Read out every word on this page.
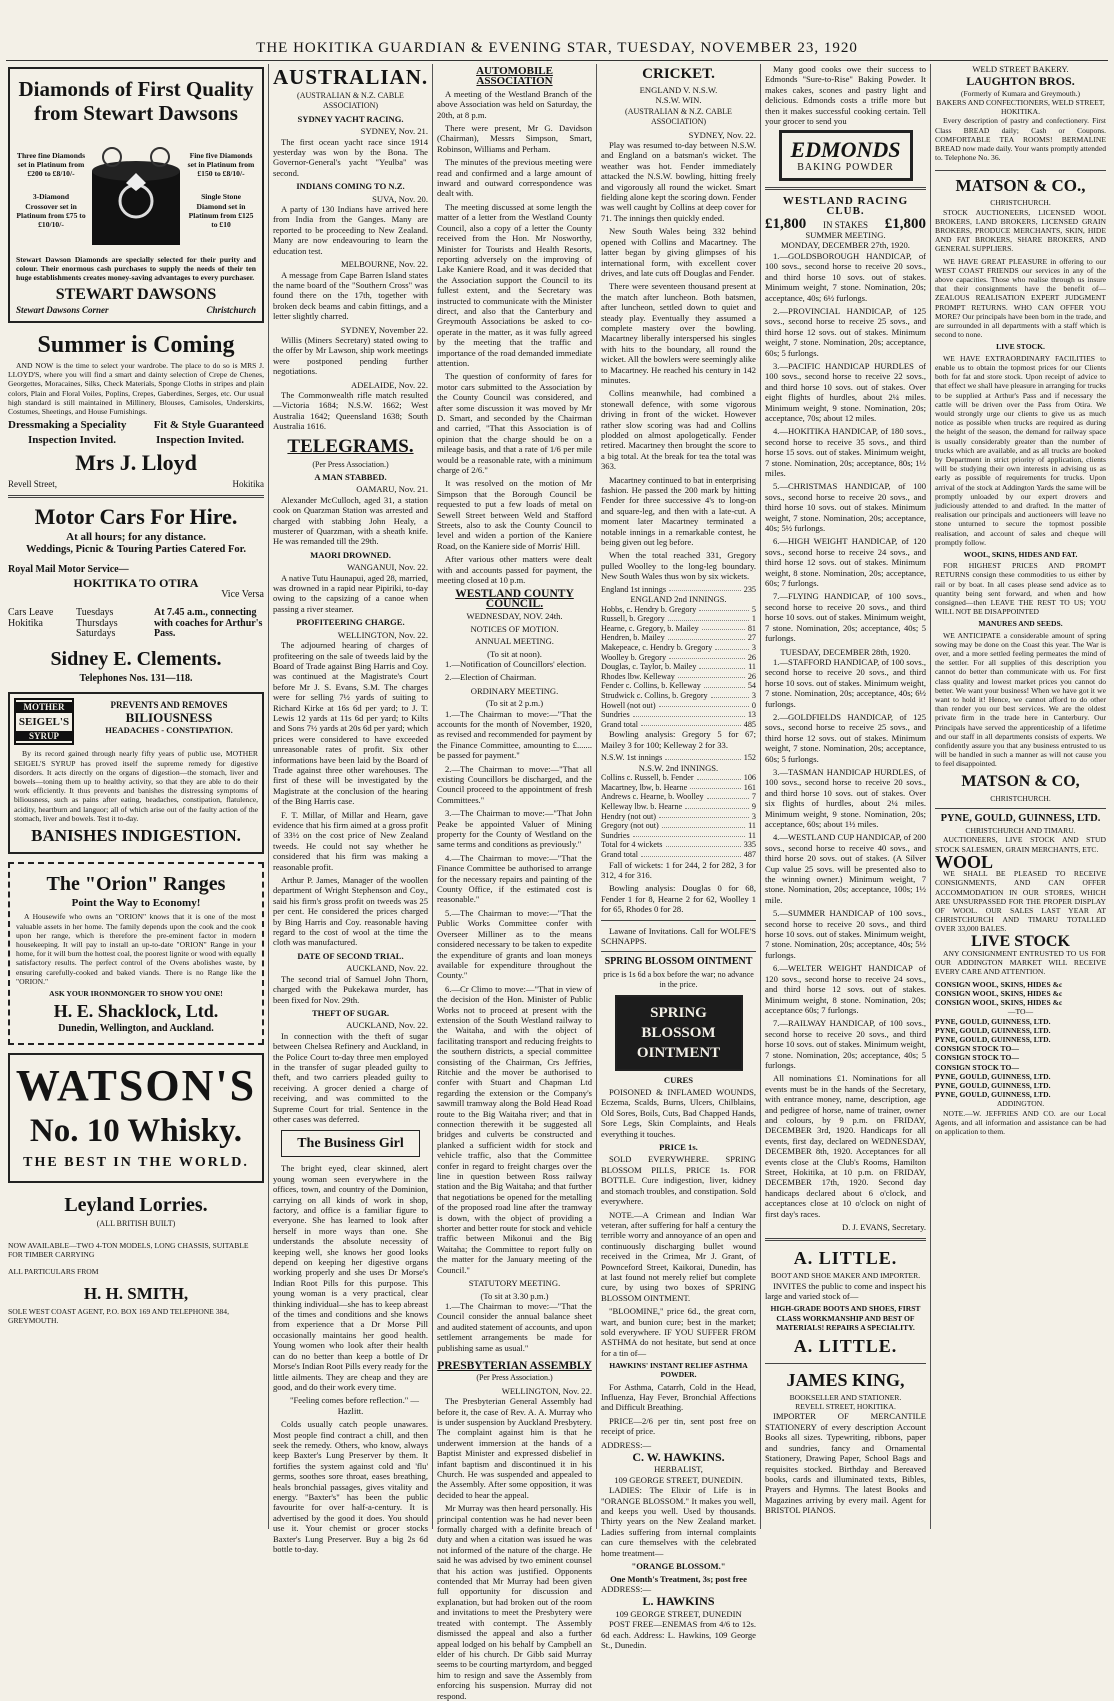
THE HOKITIKA GUARDIAN & EVENING STAR, TUESDAY, NOVEMBER 23, 1920
Diamonds of First Quality from Stewart Dawsons
Three fine Diamonds set in Platinum from £200 to £8/10/-
3-Diamond Crossover set in Platinum from £75 to £10/10/-
Fine five Diamonds set in Platinum from £150 to £8/10/-
Single Stone Diamond set in Platinum from £125 to £10
Stewart Dawson Diamonds are specially selected for their purity and colour. Their enormous cash purchases to supply the needs of their ten huge establishments creates money-saving advantages to every purchaser.
STEWART DAWSONS
Stewart Dawsons Corner	Christchurch
Summer is Coming

AND NOW is the time to select your wardrobe. The place to do so is MRS J. LLOYD'S, where you will find a smart and dainty selection of Crepe de Chenes, Georgettes, Moracaines, Silks, Check Materials, Sponge Cloths in stripes and plain colors, Plain and Floral Voiles, Poplins, Crepes, Gaberdines, Serges, etc. Our usual high standard is still maintained in Millinery, Blouses, Camisoles, Underskirts, Costumes, Sheetings, and House Furnishings.

Dressmaking a Speciality Fit & Style Guaranteed
Inspection Invited.	Inspection Invited.
Mrs J. Lloyd
Revell Street,	Hokitika
Motor Cars For Hire.
At all hours; for any distance.
Weddings, Picnic & Touring Parties Catered For.
Royal Mail Motor Service—
HOKITIKA TO OTIRA
Vice Versa
Cars Leave Hokitika
Tuesdays Thursdays Saturdays
At 7.45 a.m., connecting with coaches for Arthur's Pass.
Sidney E. Clements.
Telephones Nos. 131—118.
MOTHER
SEIGEL'S
SYRUP
PREVENTS AND REMOVES
BILIOUSNESS
HEADACHES - CONSTIPATION.

By its record gained through nearly fifty years of public use, MOTHER SEIGEL'S SYRUP has proved itself the supreme remedy for digestive disorders. It acts directly on the organs of digestion—the stomach, liver and bowels—toning them up to healthy activity, so that they are able to do their work efficiently. It thus prevents and banishes the distressing symptoms of biliousness, such as pains after eating, headaches, constipation, flatulence, acidity, heartburn and languor; all of which arise out of the faulty action of the stomach, liver and bowels. Test it to-day.

BANISHES INDIGESTION.
The "Orion" Ranges
Point the Way to Economy!

A Housewife who owns an "ORION" knows that it is one of the most valuable assets in her home. The family depends upon the cook and the cook upon her range, which is therefore the pre-eminent factor in modern housekeeping. It will pay to install an up-to-date "ORION" Range in your home, for it will burn the hottest coal, the poorest lignite or wood with equally satisfactory results. The perfect control of the Ovens abolishes waste, by ensuring carefully-cooked and baked viands. There is no Range like the "ORION."

ASK YOUR IRONMONGER TO SHOW YOU ONE!
H. E. Shacklock, Ltd.
Dunedin, Wellington, and Auckland.
WATSON'S
No. 10 Whisky.
THE BEST IN THE WORLD.
Leyland Lorries.
(ALL BRITISH BUILT)
NOW AVAILABLE—TWO 4-TON MODELS, LONG CHASSIS, SUITABLE FOR TIMBER CARRYING
ALL PARTICULARS FROM
H. H. SMITH,
SOLE WEST COAST AGENT, P.O. BOX 169 AND TELEPHONE 384, GREYMOUTH.
AUSTRALIAN.
(AUSTRALIAN & N.Z. CABLE ASSOCIATION)
SYDNEY YACHT RACING.
SYDNEY, Nov. 21.

The first ocean yacht race since 1914 yesterday was won by the Bona. The Governor-General's yacht "Yeulba" was second.

INDIANS COMING TO N.Z.
SUVA, Nov. 20.

A party of 130 Indians have arrived here from India from the Ganges. Many are reported to be proceeding to New Zealand. Many are now endeavouring to learn the education test.

MELBOURNE, Nov. 22.

A message from Cape Barren Island states the name board of the "Southern Cross" was found there on the 17th, together with broken deck beams and cabin fittings, and a letter slightly charred.

SYDNEY, November 22.

Willis (Miners Secretary) stated owing to the offer by Mr Lawson, ship work meetings were postponed pending further negotiations.

ADELAIDE, Nov. 22.

The Commonwealth rifle match resulted—Victoria 1684; N.S.W. 1662; West Australia 1642; Queensland 1638; South Australia 1616.

TELEGRAMS.
(Per Press Association.)
A MAN STABBED.
OAMARU, Nov. 21.

Alexander McCulloch, aged 31, a station cook on Quarzman Station was arrested and charged with stabbing John Healy, a musterer of Quarzman, with a sheath knife. He was remanded till the 29th.

MAORI DROWNED.
WANGANUI, Nov. 22.

A native Tutu Haunapui, aged 28, married, was drowned in a rapid near Pipiriki, to-day owing to the capsizing of a canoe when passing a river steamer.

PROFITEERING CHARGE.
WELLINGTON, Nov. 22.

The adjourned hearing of charges of profiteering on the sale of tweeds laid by the Board of Trade against Bing Harris and Coy. was continued at the Magistrate's Court before Mr J. S. Evans, S.M. The charges were for selling 7½ yards of suiting to Richard Kirke at 16s 6d per yard; to J. T. Lewis 12 yards at 11s 6d per yard; to Kilts and Sons 7½ yards at 20s 6d per yard; which prices were considered to have exceeded unreasonable rates of profit. Six other informations have been laid by the Board of Trade against three other warehouses. The first of these will be investigated by the Magistrate at the conclusion of the hearing of the Bing Harris case.

F. T. Millar, of Millar and Hearn, gave evidence that his firm aimed at a gross profit of 33½ on the cost price of New Zealand tweeds. He could not say whether he considered that his firm was making a reasonable profit.

Arthur P. James, Manager of the woollen department of Wright Stephenson and Coy., said his firm's gross profit on tweeds was 25 per cent. He considered the prices charged by Bing Harris and Coy. reasonable having regard to the cost of wool at the time the cloth was manufactured.

DATE OF SECOND TRIAL.
AUCKLAND, Nov. 22.

The second trial of Samuel John Thorn, charged with the Pukekawa murder, has been fixed for Nov. 29th.

THEFT OF SUGAR.
AUCKLAND, Nov. 22.

In connection with the theft of sugar between Chelsea Refinery and Auckland, in the Police Court to-day three men employed in the transfer of sugar pleaded guilty to theft, and two carriers pleaded guilty to receiving. A grocer denied a charge of receiving, and was committed to the Supreme Court for trial. Sentence in the other cases was deferred.

The Business Girl

The bright eyed, clear skinned, alert young woman seen everywhere in the offices, town, and country of the Dominion, carrying on all kinds of work in shop, factory, and office is a familiar figure to everyone. She has learned to look after herself in more ways than one. She understands the absolute necessity of keeping well, she knows her good looks depend on keeping her digestive organs working properly and she uses Dr Morse's Indian Root Pills for this purpose. This young woman is a very practical, clear thinking individual—she has to keep abreast of the times and conditions and she knows from experience that a Dr Morse Pill occasionally maintains her good health. Young women who look after their health can do no better than keep a bottle of Dr Morse's Indian Root Pills every ready for the little ailments. They are cheap and they are good, and do their work every time.

"Feeling comes before reflection." —Hazlitt.

Colds usually catch people unawares. Most people find contract a chill, and then seek the remedy. Others, who know, always keep Baxter's Lung Preserver by them. It fortifies the system against cold and 'flu' germs, soothes sore throat, eases breathing, heals bronchial passages, gives vitality and energy. "Baxter's" has been the public favourite for over half-a-century. It is advertised by the good it does. You should use it. Your chemist or grocer stocks Baxter's Lung Preserver. Buy a big 2s 6d bottle to-day.

AUTOMOBILE ASSOCIATION

A meeting of the Westland Branch of the above Association was held on Saturday, the 20th, at 8 p.m.

There were present, Mr G. Davidson (Chairman), Messrs Simpson, Smart, Robinson, Williams and Perham.

The minutes of the previous meeting were read and confirmed and a large amount of inward and outward correspondence was dealt with.

The meeting discussed at some length the matter of a letter from the Westland County Council, also a copy of a letter the County received from the Hon. Mr Nosworthy, Minister for Tourists and Health Resorts, reporting adversely on the improving of Lake Kaniere Road, and it was decided that the Association support the Council to its fullest extent, and the Secretary was instructed to communicate with the Minister direct, and also that the Canterbury and Greymouth Associations be asked to co-operate in the matter, as it was fully agreed by the meeting that the traffic and importance of the road demanded immediate attention.

The question of conformity of fares for motor cars submitted to the Association by the County Council was considered, and after some discussion it was moved by Mr D. Smart, and seconded by the Chairman and carried, "That this Association is of opinion that the charge should be on a mileage basis, and that a rate of 1/6 per mile would be a reasonable rate, with a minimum charge of 2/6."

It was resolved on the motion of Mr Simpson that the Borough Council be requested to put a few loads of metal on Sewell Street between Weld and Stafford Streets, also to ask the County Council to level and widen a portion of the Kaniere Road, on the Kaniere side of Morris' Hill.

After various other matters were dealt with and accounts passed for payment, the meeting closed at 10 p.m.

WESTLAND COUNTY COUNCIL.
WEDNESDAY, NOV. 24th.
NOTICES OF MOTION.
ANNUAL MEETING.
(To sit at noon).

1.—Notification of Councillors' election.

2.—Election of Chairman.

ORDINARY MEETING.
(To sit at 2 p.m.)

1.—The Chairman to move:—"That the accounts for the month of November, 1920, as revised and recommended for payment by the Finance Committee, amounting to £....... be passed for payment."

2.—The Chairman to move:—"That all existing Councillors be discharged, and the Council proceed to the appointment of fresh Committees."

3.—The Chairman to move:—"That John Peake be appointed Valuer of Mining property for the County of Westland on the same terms and conditions as previously."

4.—The Chairman to move:—"That the Finance Committee be authorised to arrange for the necessary repairs and painting of the County Office, if the estimated cost is reasonable."

5.—The Chairman to move:—"That the Public Works Committee confer with Overseer Milliner as to the means considered necessary to be taken to expedite the expenditure of grants and loan moneys available for expenditure throughout the County."

6.—Cr Climo to move:—"That in view of the decision of the Hon. Minister of Public Works not to proceed at present with the extension of the South Westland railway to the Waitaha, and with the object of facilitating transport and reducing freights to the southern districts, a special committee consisting of the Chairman, Crs Jeffries, Ritchie and the mover be authorised to confer with Stuart and Chapman Ltd regarding the extension or the Company's sawmill tramway along the Bold Head Road route to the Big Waitaha river; and that in connection therewith it be suggested all bridges and culverts be constructed and planked a sufficient width for stock and vehicle traffic, also that the Committee confer in regard to freight charges over the line in question between Ross railway station and the Big Waitaha; and that further that negotiations be opened for the metalling of the proposed road line after the tramway is down, with the object of providing a shorter and better route for stock and vehicle traffic between Mikonui and the Big Waitaha; the Committee to report fully on the matter for the January meeting of the Council."

STATUTORY MEETING.
(To sit at 3.30 p.m.)

1.—The Chairman to move:—"That the Council consider the annual balance sheet and audited statement of accounts, and upon settlement arrangements be made for publishing same as usual."

PRESBYTERIAN ASSEMBLY
(Per Press Association.)
WELLINGTON, Nov. 22.

The Presbyterian General Assembly had before it, the case of Rev. A. A. Murray who is under suspension by Auckland Presbytery. The complaint against him is that he underwent immersion at the hands of a Baptist Minister and expressed disbelief in infant baptism and discontinued it in his Church. He was suspended and appealed to the Assembly. After some opposition, it was decided to hear the appeal.

Mr Murray was then heard personally. His principal contention was he had never been formally charged with a definite breach of duty and when a citation was issued he was not informed of the nature of the charge. He said he was advised by two eminent counsel that his action was justified. Opponents contended that Mr Murray had been given full opportunity for discussion and explanation, but had broken out of the room and invitations to meet the Presbytery were treated with contempt. The Assembly dismissed the appeal and also a further appeal lodged on his behalf by Campbell an elder of his church. Dr Gibb said Murray seems to be courting martyrdom, and begged him to resign and save the Assembly from enforcing his suspension. Murray did not respond.

CRICKET.
ENGLAND V. N.S.W.
N.S.W. WIN.
(AUSTRALIAN & N.Z. CABLE ASSOCIATION)
SYDNEY, Nov. 22.

Play was resumed to-day between N.S.W. and England on a batsman's wicket. The weather was hot. Fender immediately attacked the N.S.W. bowling, hitting freely and vigorously all round the wicket. Smart fielding alone kept the scoring down. Fender was well caught by Collins at deep cover for 71. The innings then quickly ended.

New South Wales being 332 behind opened with Collins and Macartney. The latter began by giving glimpses of his international form, with excellent cover drives, and late cuts off Douglas and Fender.

There were seventeen thousand present at the match after luncheon. Both batsmen, after luncheon, settled down to quiet and steady play. Eventually they assumed a complete mastery over the bowling. Macartney liberally interspersed his singles with hits to the boundary, all round the wicket. All the bowlers were seemingly alike to Macartney. He reached his century in 142 minutes.

Collins meanwhile, had combined a stonewall defence, with some vigorous driving in front of the wicket. However rather slow scoring was had and Collins plodded on almost apologetically. Fender retired. Macartney then brought the score to a big total. At the break for tea the total was 363.

Macartney continued to bat in enterprising fashion. He passed the 200 mark by hitting Fender for three successive 4's to long-on and square-leg, and then with a late-cut. A moment later Macartney terminated a notable innings in a remarkable contest, he being given out leg before.

When the total reached 331, Gregory pulled Woolley to the long-leg boundary. New South Wales thus won by six wickets.

England 1st innings	235
ENGLAND 2nd INNINGS.
Hobbs, c. Hendry b. Gregory	5
Russell, b. Gregory	1
Hearne, c. Gregory, b. Mailey	81
Hendren, b. Mailey	27
Makepeace, c. Hendry b. Gregory	3
Woolley b. Gregory	26
Douglas, c. Taylor, b. Mailey	11
Rhodes lbw. Kelleway	26
Fender c. Collins, b. Kelleway	54
Strudwick c. Collins, b. Gregory	3
Howell (not out)	0
Sundries	13
Grand total	485

Bowling analysis: Gregory 5 for 67; Mailey 3 for 100; Kelleway 2 for 33.

N.S.W. 1st innings	152
N.S.W. 2nd INNINGS.
Collins c. Russell, b. Fender	106
Macartney, lbw, b. Hearne	161
Andrews c. Hearne, b. Woolley	7
Kelleway lbw. b. Hearne	9
Hendry (not out)	3
Gregory (not out)	11
Sundries	11
Total for 4 wickets	335
Grand total	487

Fall of wickets: 1 for 244, 2 for 282, 3 for 312, 4 for 316.

Bowling analysis: Douglas 0 for 68, Fender 1 for 8, Hearne 2 for 62, Woolley 1 for 65, Rhodes 0 for 28.

Lawane of Invitations. Call for WOLFE'S SCHNAPPS.

SPRING BLOSSOM OINTMENT
price is 1s 6d a box before the war; no advance in the price.
SPRING BLOSSOM OINTMENT
CURES

POISONED & INFLAMED WOUNDS, Eczema, Scalds, Burns, Ulcers, Chilblains, Old Sores, Boils, Cuts, Bad Chapped Hands, Sore Legs, Skin Complaints, and Heals everything it touches.

PRICE 1s.

SOLD EVERYWHERE. SPRING BLOSSOM PILLS, PRICE 1s. FOR BOTTLE. Cure indigestion, liver, kidney and stomach troubles, and constipation. Sold everywhere.

NOTE.—A Crimean and Indian War veteran, after suffering for half a century the terrible worry and annoyance of an open and continuously discharging bullet wound received in the Crimea, Mr J. Grant, of Pownceford Street, Kaikorai, Dunedin, has at last found not merely relief but complete cure, by using two boxes of SPRING BLOSSOM OINTMENT.

"BLOOMINE," price 6d., the great corn, wart, and bunion cure; best in the market; sold everywhere. IF YOU SUFFER FROM ASTHMA do not hesitate, but send at once for a tin of—

HAWKINS' INSTANT RELIEF ASTHMA POWDER.

For Asthma, Catarrh, Cold in the Head, Influenza, Hay Fever, Bronchial Affections and Difficult Breathing.

PRICE—2/6 per tin, sent post free on receipt of price.

ADDRESS:—
C. W. HAWKINS.
HERBALIST,
109 GEORGE STREET, DUNEDIN.

LADIES: The Elixir of Life is in "ORANGE BLOSSOM." It makes you well, and keeps you well. Used by thousands. Thirty years on the New Zealand market. Ladies suffering from internal complaints can cure themselves with the celebrated home treatment—

"ORANGE BLOSSOM."
One Month's Treatment, 3s; post free
ADDRESS:—
L. HAWKINS
109 GEORGE STREET, DUNEDIN

POST FREE—ENEMAS from 4/6 to 12s. 6d each. Address: L. Hawkins, 109 George St., Dunedin.

Many good cooks owe their success to Edmonds "Sure-to-Rise" Baking Powder. It makes cakes, scones and pastry light and delicious. Edmonds costs a trifle more but then it makes successful cooking certain. Tell your grocer to send you

EDMONDS
BAKING POWDER
WESTLAND RACING CLUB.
£1,800 IN STAKES £1,800
SUMMER MEETING.
MONDAY, DECEMBER 27th, 1920.

1.—GOLDSBOROUGH HANDICAP, of 100 sovs., second horse to receive 20 sovs., and third horse 10 sovs. out of stakes. Minimum weight, 7 stone. Nomination, 20s; acceptance, 40s; 6½ furlongs.

2.—PROVINCIAL HANDICAP, of 125 sovs., second horse to receive 25 sovs., and third horse 12 sovs. out of stakes. Minimum weight, 7 stone. Nomination, 20s; acceptance, 60s; 5 furlongs.

3.—PACIFIC HANDICAP HURDLES of 100 sovs., second horse to receive 22 sovs., and third horse 10 sovs. out of stakes. Over eight flights of hurdles, about 2¼ miles. Minimum weight, 9 stone. Nomination, 20s; acceptance, 70s; about 12 miles.

4.—HOKITIKA HANDICAP, of 180 sovs., second horse to receive 35 sovs., and third horse 15 sovs. out of stakes. Minimum weight, 7 stone. Nomination, 20s; acceptance, 80s; 1½ miles.

5.—CHRISTMAS HANDICAP, of 100 sovs., second horse to receive 20 sovs., and third horse 10 sovs. out of stakes. Minimum weight, 7 stone. Nomination, 20s; acceptance, 40s; 5½ furlongs.

6.—HIGH WEIGHT HANDICAP, of 120 sovs., second horse to receive 24 sovs., and third horse 12 sovs. out of stakes. Minimum weight, 8 stone. Nomination, 20s; acceptance, 60s; 7 furlongs.

7.—FLYING HANDICAP, of 100 sovs., second horse to receive 20 sovs., and third horse 10 sovs. out of stakes. Minimum weight, 7 stone. Nomination, 20s; acceptance, 40s; 5 furlongs.

TUESDAY, DECEMBER 28th, 1920.

1.—STAFFORD HANDICAP, of 100 sovs., second horse to receive 20 sovs., and third horse 10 sovs. out of stakes. Minimum weight, 7 stone. Nomination, 20s; acceptance, 40s; 6½ furlongs.

2.—GOLDFIELDS HANDICAP, of 125 sovs., second horse to receive 25 sovs., and third horse 12 sovs. out of stakes. Minimum weight, 7 stone. Nomination, 20s; acceptance, 60s; 5 furlongs.

3.—TASMAN HANDICAP HURDLES, of 100 sovs., second horse to receive 20 sovs., and third horse 10 sovs. out of stakes. Over six flights of hurdles, about 2¼ miles. Minimum weight, 9 stone. Nomination, 20s; acceptance, 60s; about 1½ miles.

4.—WESTLAND CUP HANDICAP, of 200 sovs., second horse to receive 40 sovs., and third horse 20 sovs. out of stakes. (A Silver Cup value 25 sovs. will be presented also to the winning owner.) Minimum weight, 7 stone. Nomination, 20s; acceptance, 100s; 1½ mile.

5.—SUMMER HANDICAP of 100 sovs., second horse to receive 20 sovs., and third horse 10 sovs. out of stakes. Minimum weight, 7 stone. Nomination, 20s; acceptance, 40s; 5½ furlongs.

6.—WELTER WEIGHT HANDICAP of 120 sovs., second horse to receive 24 sovs., and third horse 12 sovs. out of stakes. Minimum weight, 8 stone. Nomination, 20s; acceptance 60s; 7 furlongs.

7.—RAILWAY HANDICAP, of 100 sovs., second horse to receive 20 sovs., and third horse 10 sovs. out of stakes. Minimum weight, 7 stone. Nomination, 20s; acceptance, 40s; 5 furlongs.

All nominations £1. Nominations for all events must be in the hands of the Secretary, with entrance money, name, description, age and pedigree of horse, name of trainer, owner and colours, by 9 p.m. on FRIDAY, DECEMBER 3rd, 1920. Handicaps for all events, first day, declared on WEDNESDAY, DECEMBER 8th, 1920. Acceptances for all events close at the Club's Rooms, Hamilton Street, Hokitika, at 10 p.m. on FRIDAY, DECEMBER 17th, 1920. Second day handicaps declared about 6 o'clock, and acceptances close at 10 o'clock on night of first day's races.

D. J. EVANS, Secretary.
A. LITTLE.
BOOT AND SHOE MAKER AND IMPORTER.

INVITES the public to come and inspect his large and varied stock of—

HIGH-GRADE BOOTS AND SHOES, FIRST CLASS WORKMANSHIP AND BEST OF MATERIALS! REPAIRS A SPECIALITY.
A. LITTLE.
JAMES KING,
BOOKSELLER AND STATIONER.
REVELL STREET, HOKITIKA.

IMPORTER OF MERCANTILE STATIONERY of every description Account Books all sizes. Typewriting, ribbons, paper and sundries, fancy and Ornamental Stationery, Drawing Paper, School Bags and requisites stocked. Birthday and Bereaved books, cards and illuminated texts, Bibles, Prayers and Hymns. The latest Books and Magazines arriving by every mail. Agent for BRISTOL PIANOS.

WELD STREET BAKERY.
LAUGHTON BROS.
(Formerly of Kumara and Greymouth.)
BAKERS AND CONFECTIONERS, WELD STREET, HOKITIKA.

Every description of pastry and confectionery. First Class BREAD daily; Cash or Coupons. COMFORTABLE TEA ROOMS! BERMALINE BREAD now made daily. Your wants promptly attended to. Telephone No. 36.

MATSON & CO.,
CHRISTCHURCH.

STOCK AUCTIONEERS, LICENSED WOOL BROKERS, LAND BROKERS, LICENSED GRAIN BROKERS, PRODUCE MERCHANTS, SKIN, HIDE AND FAT BROKERS, SHARE BROKERS, AND GENERAL SUPPLIERS.

WE HAVE GREAT PLEASURE in offering to our WEST COAST FRIENDS our services in any of the above capacities. Those who realise through us insure that their consignments have the benefit of— ZEALOUS REALISATION EXPERT JUDGMENT PROMPT RETURNS. WHO CAN OFFER YOU MORE? Our principals have been born in the trade, and are surrounded in all departments with a staff which is second to none.

LIVE STOCK.

WE HAVE EXTRAORDINARY FACILITIES to enable us to obtain the topmost prices for our Clients both for fat and store stock. Upon receipt of advice to that effect we shall have pleasure in arranging for trucks to be supplied at Arthur's Pass and if necessary the cattle will be driven over the Pass from Otira. We would strongly urge our clients to give us as much notice as possible when trucks are required as during the height of the season, the demand for railway space is usually considerably greater than the number of trucks which are available, and as all trucks are booked by Department in strict priority of application, clients will be studying their own interests in advising us as early as possible of requirements for trucks. Upon arrival of the stock at Addington Yards the same will be promptly unloaded by our expert drovers and judiciously attended to and drafted. In the matter of realisation our principals and auctioneers will leave no stone unturned to secure the topmost possible realisation, and account of sales and cheque will promptly follow.

WOOL, SKINS, HIDES AND FAT.

FOR HIGHEST PRICES AND PROMPT RETURNS consign these commodities to us either by rail or by boat. In all cases please send advice as to quantity being sent forward, and when and how consigned—then LEAVE THE REST TO US; YOU WILL NOT BE DISAPPOINTED

MANURES AND SEEDS.

WE ANTICIPATE a considerable amount of spring sowing may be done on the Coast this year. The War is over, and a more settled feeling permeates the mind of the settler. For all supplies of this description you cannot do better than communicate with us. For first class quality and lowest market prices you cannot do better. We want your business! When we have got it we want to hold it! Hence, we cannot afford to do other than render you our best services. We are the oldest private firm in the trade here in Canterbury. Our Principals have served the apprenticeship of a lifetime and our staff in all departments consists of experts. We confidently assure you that any business entrusted to us will be handled in such a manner as will not cause you to feel disappointed.

MATSON & CO,
CHRISTCHURCH.
PYNE, GOULD, GUINNESS, LTD.
CHRISTCHURCH AND TIMARU.

AUCTIONEERS, LIVE STOCK AND STUD STOCK SALESMEN, GRAIN MERCHANTS, ETC.

WOOL

WE SHALL BE PLEASED TO RECEIVE CONSIGNMENTS, AND CAN OFFER ACCOMMODATION IN OUR STORES, WHICH ARE UNSURPASSED FOR THE PROPER DISPLAY OF WOOL. OUR SALES LAST YEAR AT CHRISTCHURCH AND TIMARU TOTALLED OVER 33,000 BALES.

LIVE STOCK

ANY CONSIGNMENT ENTRUSTED TO US FOR OUR ADDINGTON MARKET WILL RECEIVE EVERY CARE AND ATTENTION.

CONSIGN WOOL, SKINS, HIDES &c
CONSIGN WOOL, SKINS, HIDES &c
CONSIGN WOOL, SKINS, HIDES &c
—TO—
PYNE, GOULD, GUINNESS, LTD.
PYNE, GOULD, GUINNESS, LTD.
PYNE, GOULD, GUINNESS, LTD.
CONSIGN STOCK TO—
CONSIGN STOCK TO—
CONSIGN STOCK TO—
PYNE, GOULD, GUINNESS, LTD.
PYNE, GOULD, GUINNESS, LTD.
PYNE, GOULD, GUINNESS, LTD.
ADDINGTON.

NOTE.—W. JEFFRIES AND CO. are our Local Agents, and all information and assistance can be had on application to them.
